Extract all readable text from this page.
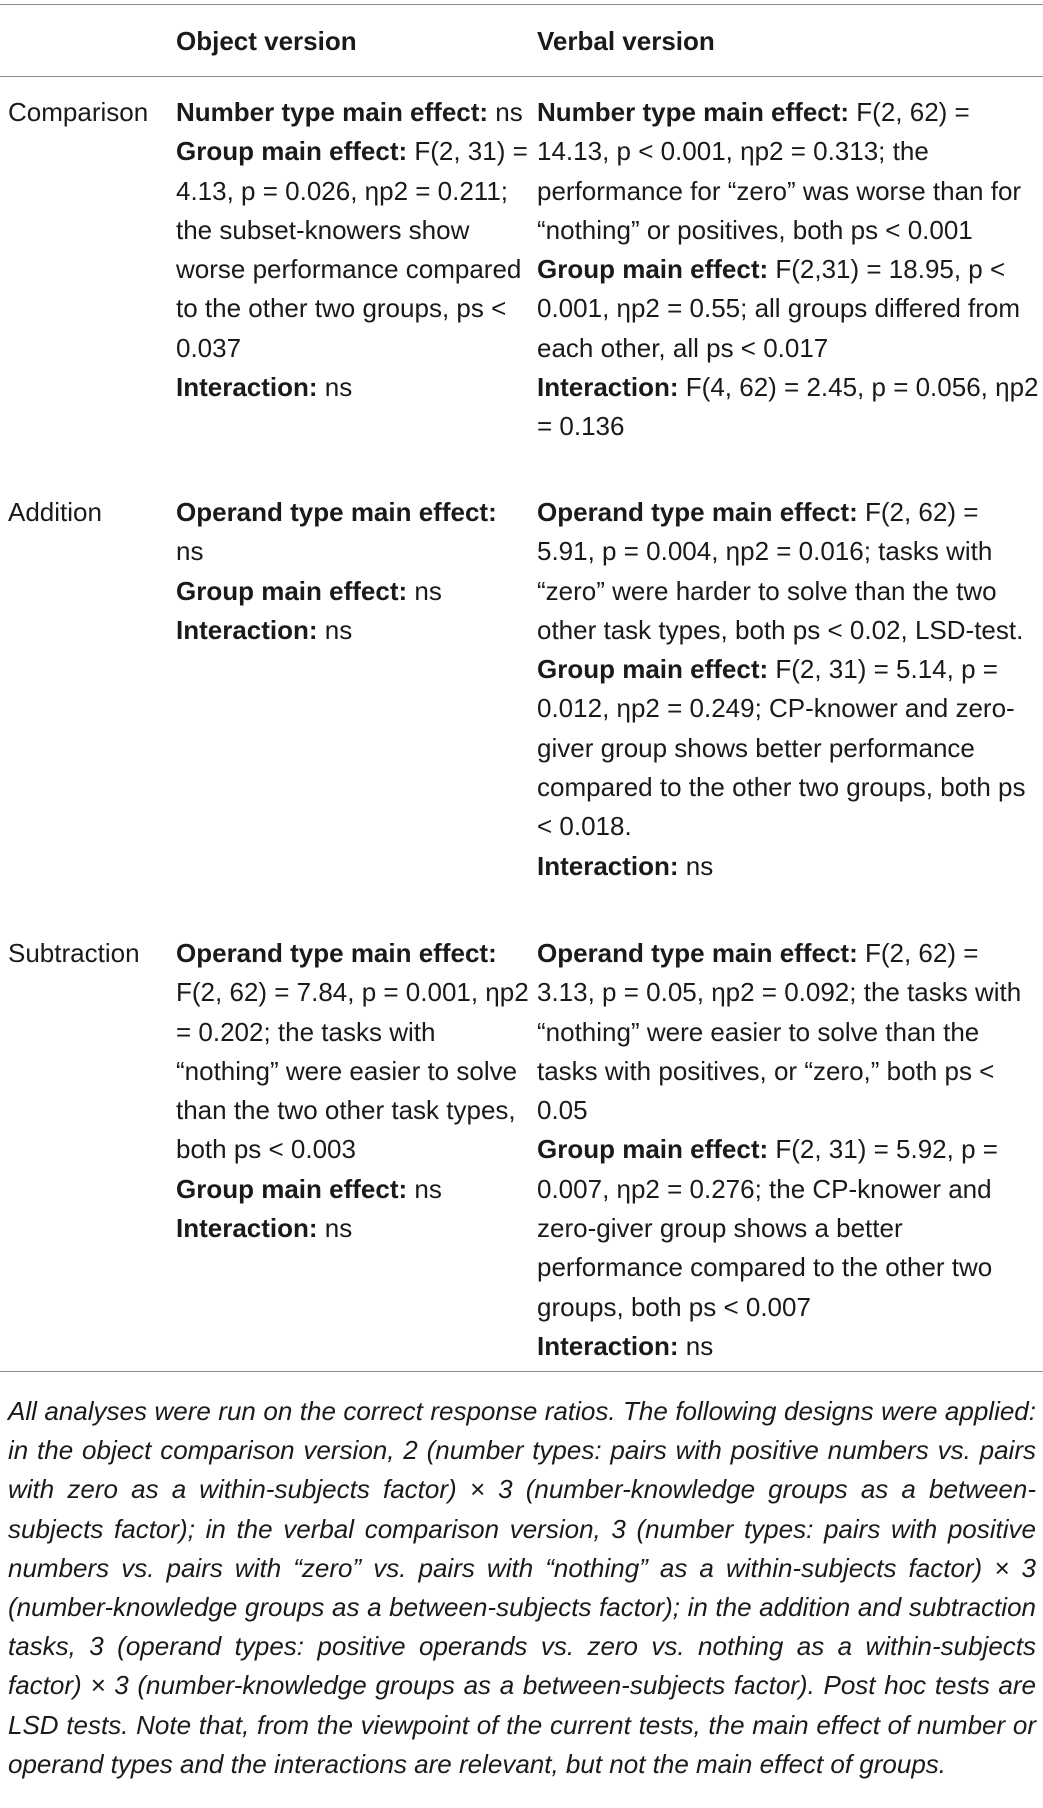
Object version	Verbal version
Comparison Number type main effect: ns

Group main effect: F(2, 31) = 4.13, p = 0.026, ηp2 = 0.211; the subset-knowers show worse performance compared to the other two groups, ps < 0.037

Interaction: ns

Number type main effect: F(2, 62) = 14.13, p < 0.001, ηp2 = 0.313; the performance for “zero” was worse than for “nothing” or positives, both ps < 0.001

Group main effect: F(2,31) = 18.95, p < 0.001, ηp2 = 0.55; all groups differed from each other, all ps < 0.017

Interaction: F(4, 62) = 2.45, p = 0.056, ηp2 = 0.136

Addition	Operand type main effect: ns

Group main effect: ns

Interaction: ns

Operand type main effect: F(2, 62) = 5.91, p = 0.004, ηp2 = 0.016; tasks with “zero” were harder to solve than the two other task types, both ps < 0.02, LSD-test.

Group main effect: F(2, 31) = 5.14, p = 0.012, ηp2 = 0.249; CP-knower and zero-giver group shows better performance compared to the other two groups, both ps < 0.018.

Interaction: ns

Subtraction Operand type main effect: F(2, 62) = 7.84, p = 0.001, ηp2 = 0.202; the tasks with “nothing” were easier to solve than the two other task types, both ps < 0.003

Group main effect: ns

Interaction: ns

Operand type main effect: F(2, 62) = 3.13, p = 0.05, ηp2 = 0.092; the tasks with “nothing” were easier to solve than the tasks with positives, or “zero,” both ps < 0.05

Group main effect: F(2, 31) = 5.92, p = 0.007, ηp2 = 0.276; the CP-knower and zero-giver group shows a better performance compared to the other two groups, both ps < 0.007

Interaction: ns

All analyses were run on the correct response ratios. The following designs were applied: in the object comparison version, 2 (number types: pairs with positive numbers vs. pairs with zero as a within-subjects factor) × 3 (number-knowledge groups as a between-subjects factor); in the verbal comparison version, 3 (number types: pairs with positive numbers vs. pairs with “zero” vs. pairs with “nothing” as a within-subjects factor) × 3 (number-knowledge groups as a between-subjects factor); in the addition and subtraction tasks, 3 (operand types: positive operands vs. zero vs. nothing as a within-subjects factor) × 3 (number-knowledge groups as a between-subjects factor). Post hoc tests are LSD tests. Note that, from the viewpoint of the current tests, the main effect of number or operand types and the interactions are relevant, but not the main effect of groups.
